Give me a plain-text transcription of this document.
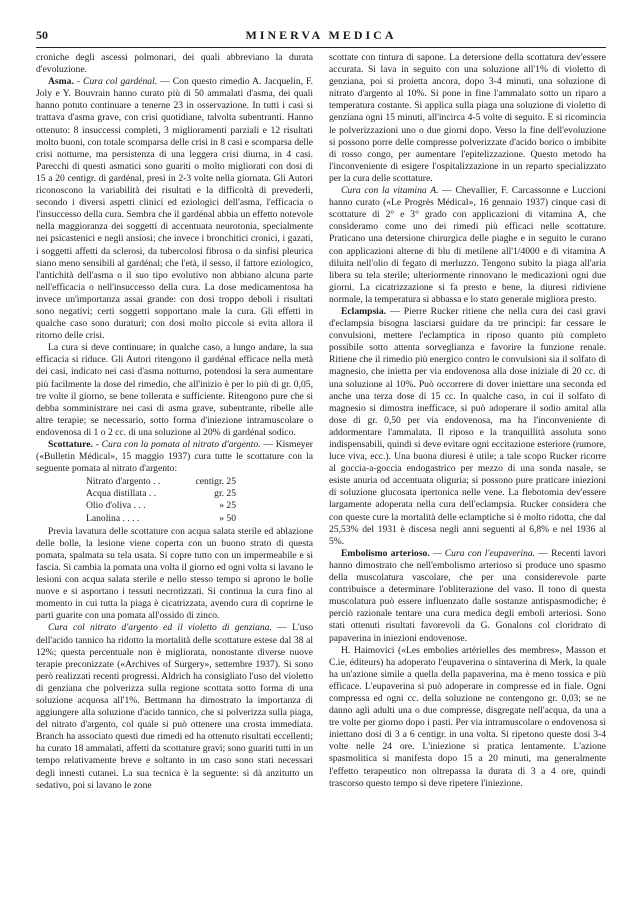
50	MINERVA MEDICA

croniche degli ascessi polmonari, dei quali abbreviano la durata d'evoluzione.

Asma. - Cura col gardénal. — Con questo rimedio A. Jacquelin, F. Joly e Y. Bouvrain hanno curato più di 50 ammalati d'asma, dei quali hanno potuto continuare a tenerne 23 in osservazione. In tutti i casi si trattava d'asma grave, con crisi quotidiane, talvolta subentranti. Hanno ottenuto: 8 insuccessi completi, 3 miglioramenti parziali e 12 risultati molto buoni, con totale scomparsa delle crisi in 8 casi e scomparsa delle crisi notturne, ma persistenza di una leggera crisi diurna, in 4 casi. Parecchi di questi asmatici sono guariti o molto migliorati con dosi di 15 a 20 centigr. di gardénal, presi in 2-3 volte nella giornata. Gli Autori riconoscono la variabilità dei risultati e la difficoltà di prevederli, secondo i diversi aspetti clinici ed eziologici dell'asma, l'efficacia o l'insuccesso della cura. Sembra che il gardénal abbia un effetto notevole nella maggioranza dei soggetti di accentuata neurotonia, specialmente nei psicastenici e negli ansiosi; che invece i bronchitici cronici, i gazati, i soggetti affetti da sclerosi, da tubercolosi fibrosa o da sinfisi pleurica siano meno sensibili al gardénal; che l'età, il sesso, il fattore eziologico, l'antichità dell'asma o il suo tipo evolutivo non abbiano alcuna parte nell'efficacia o nell'insuccesso della cura. La dose medicamentosa ha invece un'importanza assai grande: con dosi troppo deboli i risultati sono negativi; certi soggetti sopportano male la cura. Gli effetti in qualche caso sono duraturi; con dosi molto piccole si evita allora il ritorno delle crisi.

La cura si deve continuare; in qualche caso, a lungo andare, la sua efficacia si riduce. Gli Autori ritengono il gardénal efficace nella metà dei casi, indicato nei casi d'asma notturno, potendosi la sera aumentare più facilmente la dose del rimedio, che all'inizio è per lo più di gr. 0,05, tre volte il giorno, se bene tollerata e sufficiente. Ritengono pure che si debba somministrare nei casi di asma grave, subentrante, ribelle alle altre terapie; se necessario, sotto forma d'iniezione intramuscolare o endovenosa di 1 o 2 cc. di una soluzione al 20% di gardénal sodico.

Scottature. - Cura con la pomata al nitrato d'argento. — Kismeyer («Bulletin Médical», 15 maggio 1937) cura tutte le scottature con la seguente pomata al nitrato d'argento:

Nitrato d'argento . .	centigr. 25
Acqua distillata . .	gr. 25
Olio d'oliva . . .	» 25
Lanolina . . . .	» 50

Previa lavatura delle scottature con acqua salata sterile ed ablazione delle bolle, la lesione viene coperta con un buono strato di questa pomata, spalmata su tela usata. Si copre tutto con un impermeabile e si fascia. Si cambia la pomata una volta il giorno ed ogni volta si lavano le lesioni con acqua salata sterile e nello stesso tempo si aprono le bolle nuove e si asportano i tessuti necrotizzati. Si continua la cura fino al momento in cui tutta la piaga è cicatrizzata, avendo cura di coprirne le parti guarite con una pomata all'ossido di zinco.

Cura col nitrato d'argento ed il violetto di genziana. — L'uso dell'acido tannico ha ridotto la mortalità delle scottature estese dal 38 al 12%; questa percentuale non è migliorata, nonostante diverse nuove terapie preconizzate («Archives of Surgery», settembre 1937). Si sono però realizzati recenti progressi. Aldrich ha consigliato l'uso del violetto di genziana che polverizza sulla regione scottata sotto forma di una soluzione acquosa all'1%. Bettmann ha dimostrato la importanza di aggiungere alla soluzione d'acido tannico, che si polverizza sulla piaga, del nitrato d'argento, col quale si può ottenere una crosta immediata. Branch ha associato questi due rimedi ed ha ottenuto risultati eccellenti; ha curato 18 ammalati, affetti da scottature gravi; sono guariti tutti in un tempo relativamente breve e soltanto in un caso sono stati necessari degli innesti cutanei. La sua tecnica è la seguente: si dà anzitutto un sedativo, poi si lavano le zone

scottate con tintura di sapone. La detersione della scottatura dev'essere accurata. Si lava in seguito con una soluzione all'1% di violetto di genziana, poi si proietta ancora, dopo 3-4 minuti, una soluzione di nitrato d'argento al 10%. Si pone in fine l'ammalato sotto un riparo a temperatura costante. Si applica sulla piaga una soluzione di violetto di genziana ogni 15 minuti, all'incirca 4-5 volte di seguito. E si ricomincia le polverizzazioni uno o due giorni dopo. Verso la fine dell'evoluzione si possono porre delle compresse polverizzate d'acido borico o imbibite di rosso congo, per aumentare l'epitelizzazione. Questo metodo ha l'inconveniente di esigere l'ospitalizzazione in un reparto specializzato per la cura delle scottature.

Cura con la vitamina A. — Chevallier, F. Carcassonne e Luccioni hanno curato («Le Progrès Médical», 16 gennaio 1937) cinque casi di scottature di 2° e 3° grado con applicazioni di vitamina A, che consideramo come uno dei rimedi più efficaci nelle scottature. Praticano una detersione chirurgica delle piaghe e in seguito le curano con applicazioni alterne di blu di metilene all'1/4000 e di vitamina A diluita nell'olio di fegato di merluzzo. Tengono subito la piaga all'aria libera su tela sterile; ulteriormente rinnovano le medicazioni ogni due giorni. La cicatrizzazione si fa presto e bene, la diuresi ridiviene normale, la temperatura si abbassa e lo stato generale migliora presto.

Eclampsia. — Pierre Rucker ritiene che nella cura dei casi gravi d'eclampsia bisogna lasciarsi guidare da tre principi: far cessare le convulsioni, mettere l'eclamptica in riposo quanto più completo possibile sotto attenta sorveglianza e favorire la funzione renale. Ritiene che il rimedio più energico contro le convulsioni sia il solfato di magnesio, che inietta per via endovenosa alla dose iniziale di 20 cc. di una soluzione al 10%. Può occorrere di dover iniettare una seconda ed anche una terza dose di 15 cc. In qualche caso, in cui il solfato di magnesio si dimostra inefficace, si può adoperare il sodio amital alla dose di gr. 0,50 per via endovenosa, ma ha l'inconveniente di addormentare l'ammalata. Il riposo e la tranquillità assoluta sono indispensabili, quindi si deve evitare ogni eccitazione esteriore (rumore, luce viva, ecc.). Una buona diuresi è utile; a tale scopo Rucker ricorre al goccia-a-goccia endogastrico per mezzo di una sonda nasale, se esiste anuria od accentuata oliguria; si possono pure praticare iniezioni di soluzione glucosata ipertonica nelle vene. La flebotomia dev'essere largamente adoperata nella cura dell'eclampsia. Rucker considera che con queste cure la mortalità delle eclamptiche si è molto ridotta, che dal 25,53% del 1931 è discesa negli anni seguenti al 6,8% e nel 1936 al 5%.

Embolismo arterioso. — Cura con l'eupaverina. — Recenti lavori hanno dimostrato che nell'embolismo arterioso si produce uno spasmo della muscolatura vascolare, che per una considerevole parte contribuisce a determinare l'obliterazione del vaso. Il tono di questa muscolatura può essere influenzato dalle sostanze antispasmodiche; è perciò razionale tentare una cura medica degli emboli arteriosi. Sono stati ottenuti risultati favorevoli da G. Gonalons col cloridrato di papaverina in iniezioni endovenose.

H. Haimovici («Les embolies artérielles des membres», Masson et C.ie, éditeurs) ha adoperato l'eupaverina o sintaverina di Merk, la quale ha un'azione simile a quella della papaverina, ma è meno tossica e più efficace. L'eupaverina si può adoperare in compresse ed in fiale. Ogni compressa ed ogni cc. della soluzione ne contengono gr. 0,03; se ne danno agli adulti una o due compresse, disgregate nell'acqua, da una a tre volte per giorno dopo i pasti. Per via intramuscolare o endovenosa si iniettano dosi di 3 a 6 centigr. in una volta. Si ripetono queste dosi 3-4 volte nelle 24 ore. L'iniezione si pratica lentamente. L'azione spasmolitica si manifesta dopo 15 a 20 minuti, ma generalmente l'effetto terapeutico non oltrepassa la durata di 3 a 4 ore, quindi trascorso questo tempo si deve ripetere l'iniezione.
